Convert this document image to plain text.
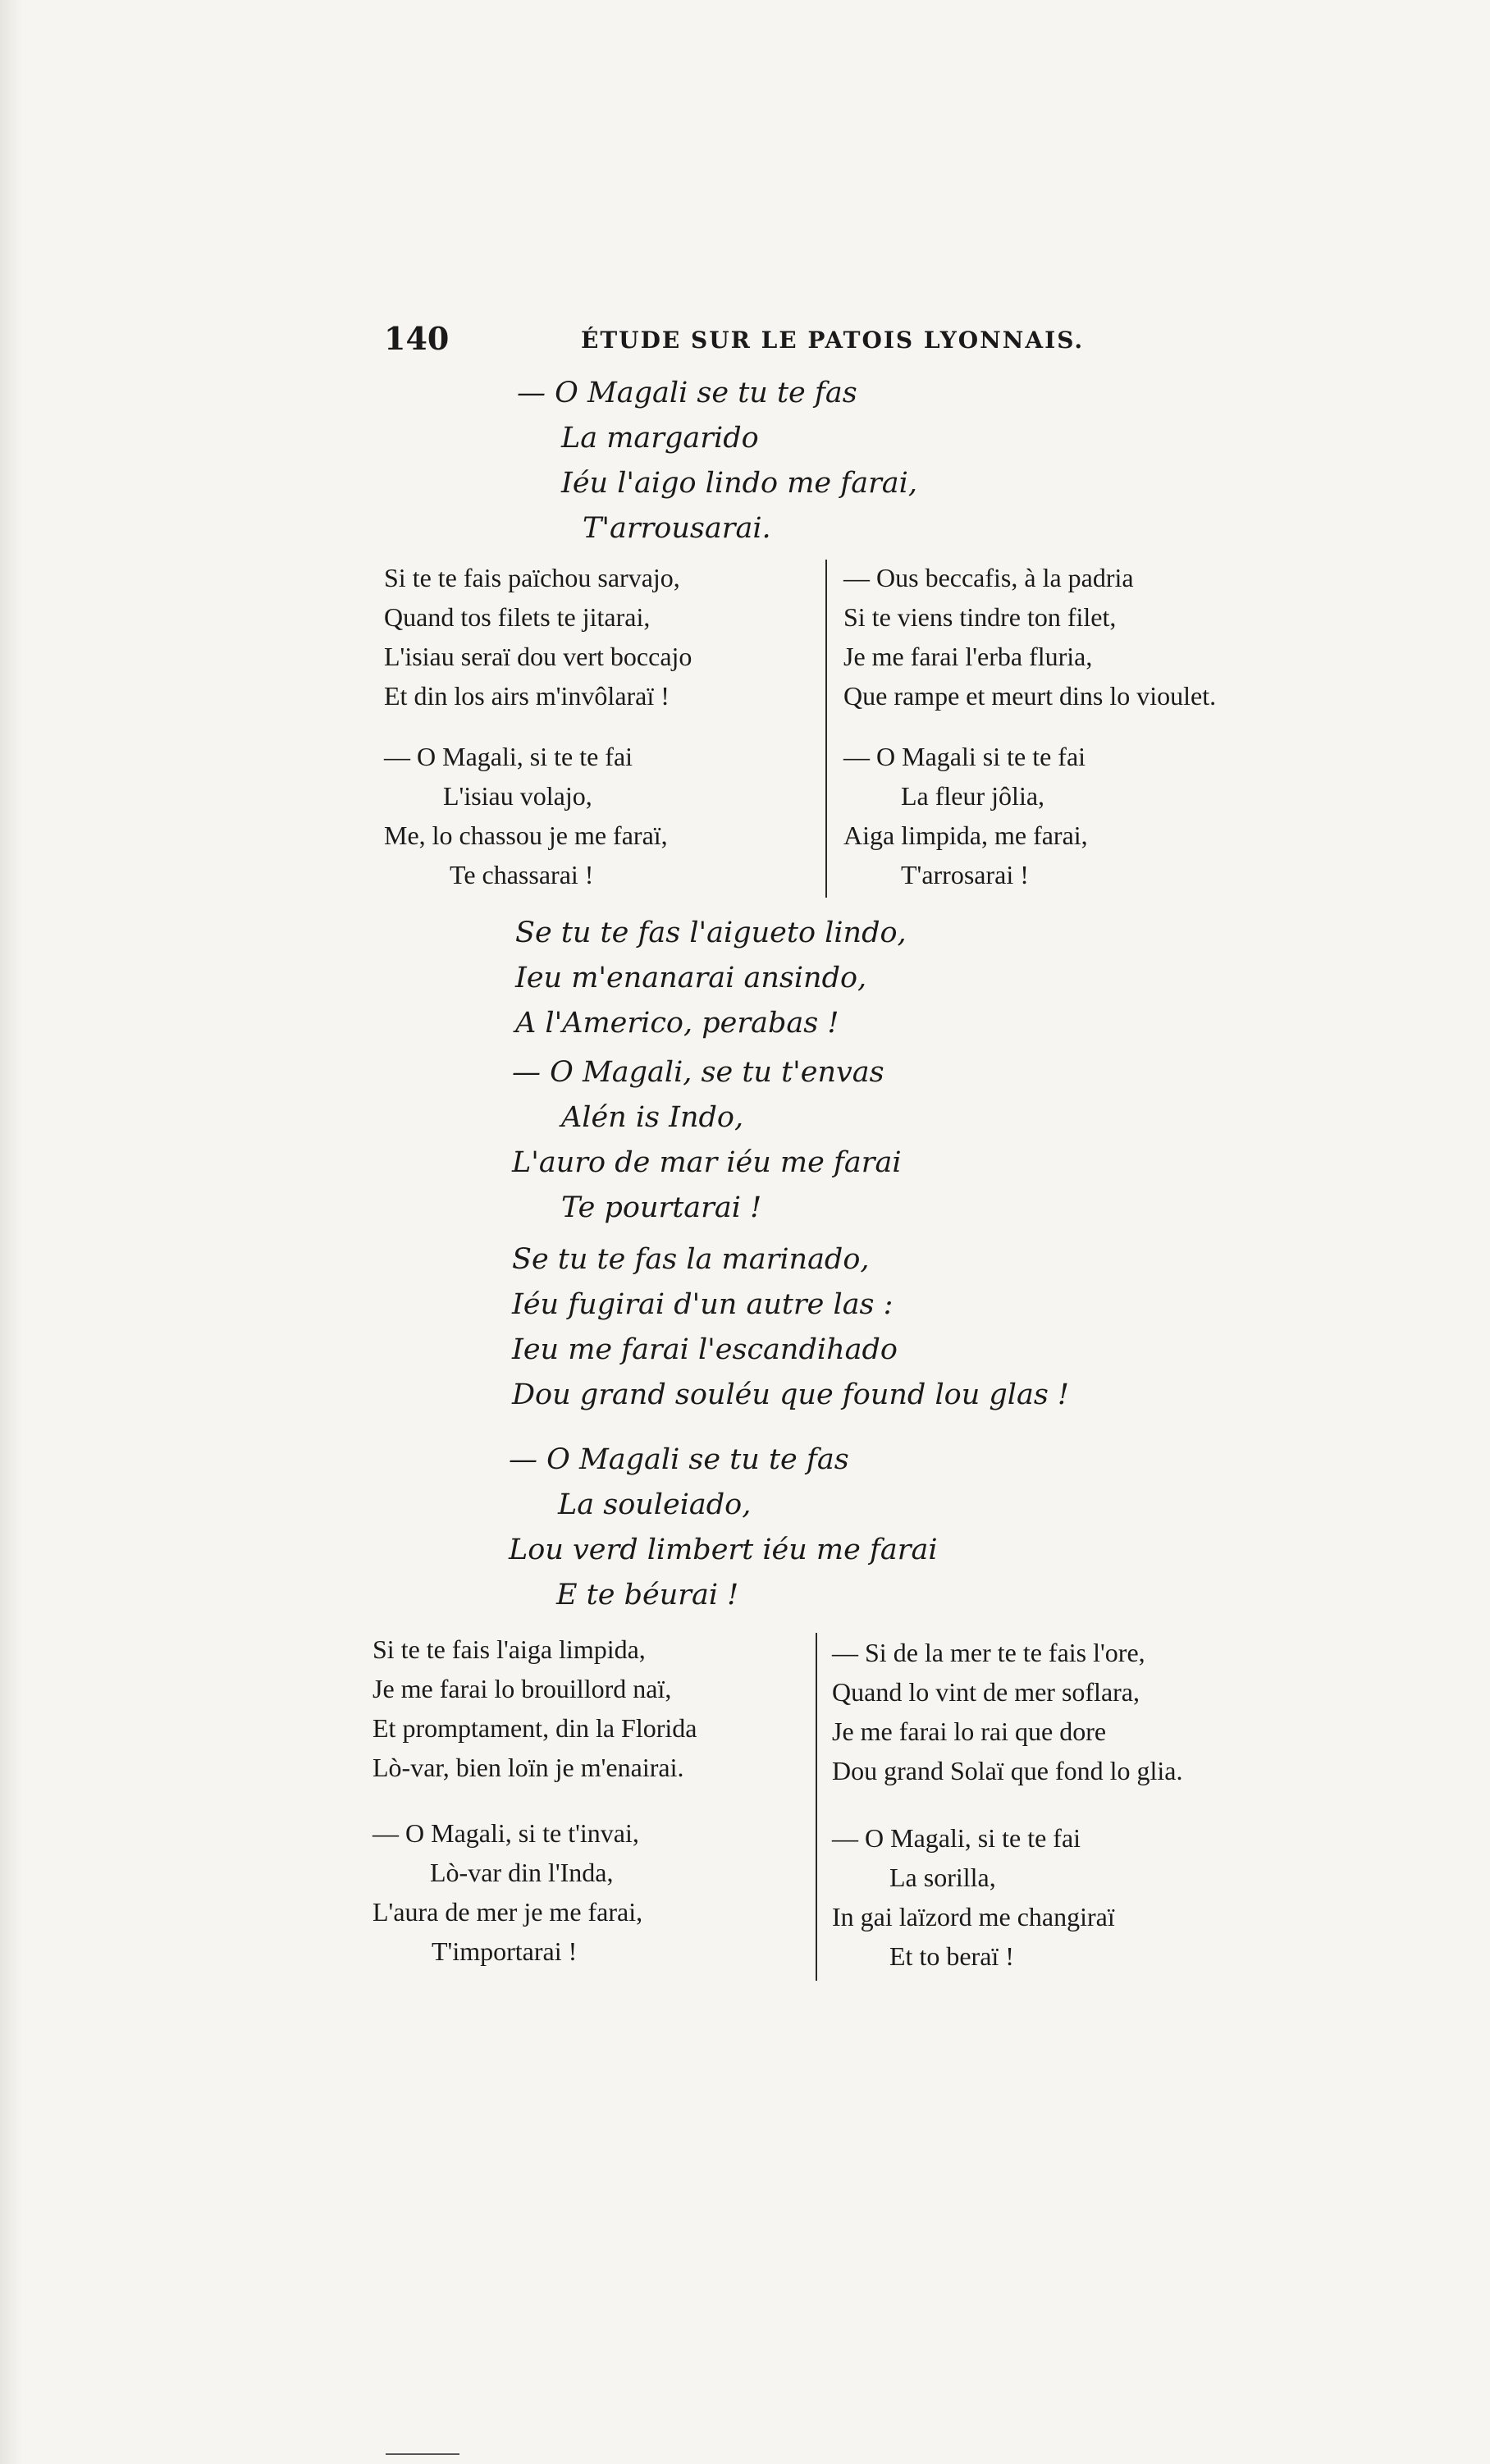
140	ÉTUDE SUR LE PATOIS LYONNAIS.
— O Magali se tu te fas
La margarido
Iéu l'aigo lindo me farai,
T'arrousarai.
Si te te fais païchou sarvajo,
Quand tos filets te jitarai,
L'isiau seraï dou vert boccajo
Et din los airs m'invôlaraï !
— Ous beccafis, à la padria
Si te viens tindre ton filet,
Je me farai l'erba fluria,
Que rampe et meurt dins lo vioulet.
— O Magali, si te te fai
L'isiau volajo,
Me, lo chassou je me faraï,
Te chassarai !
— O Magali si te te fai
La fleur jôlia,
Aiga limpida, me farai,
T'arrosarai !
Se tu te fas l'aigueto lindo,
Ieu m'enanarai ansindo,
A l'Americo, perabas !
— O Magali, se tu t'envas
Alén is Indo,
L'auro de mar iéu me farai
Te pourtarai !
Se tu te fas la marinado,
Iéu fugirai d'un autre las :
Ieu me farai l'escandihado
Dou grand souléu que found lou glas !
— O Magali se tu te fas
La souleiado,
Lou verd limbert iéu me farai
E te béurai !
Si te te fais l'aiga limpida,
Je me farai lo brouillord naï,
Et promptament, din la Florida
Lò-var, bien loïn je m'enairai.
— Si de la mer te te fais l'ore,
Quand lo vint de mer soflara,
Je me farai lo rai que dore
Dou grand Solaï que fond lo glia.
— O Magali, si te t'invai,
Lò-var din l'Inda,
L'aura de mer je me farai,
T'importarai !
— O Magali, si te te fai
La sorilla,
In gai laïzord me changiraï
Et to beraï !
